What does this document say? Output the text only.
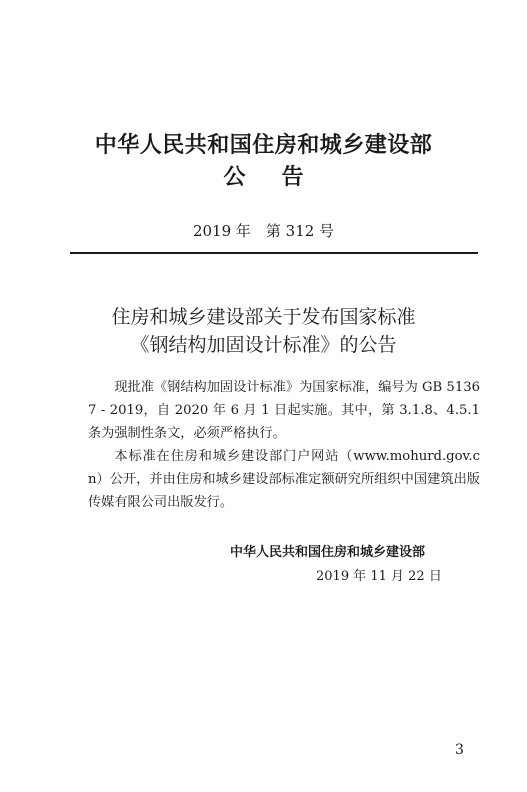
中华人民共和国住房和城乡建设部
公告
2019 年　第 312 号
住房和城乡建设部关于发布国家标准
《钢结构加固设计标准》的公告

现批准《钢结构加固设计标准》为国家标准，编号为 GB 51367 - 2019，自 2020 年 6 月 1 日起实施。其中，第 3.1.8、4.5.1 条为强制性条文，必须严格执行。

本标准在住房和城乡建设部门户网站（www.mohurd.gov.cn）公开，并由住房和城乡建设部标准定额研究所组织中国建筑出版传媒有限公司出版发行。

中华人民共和国住房和城乡建设部
2019 年 11 月 22 日
3
